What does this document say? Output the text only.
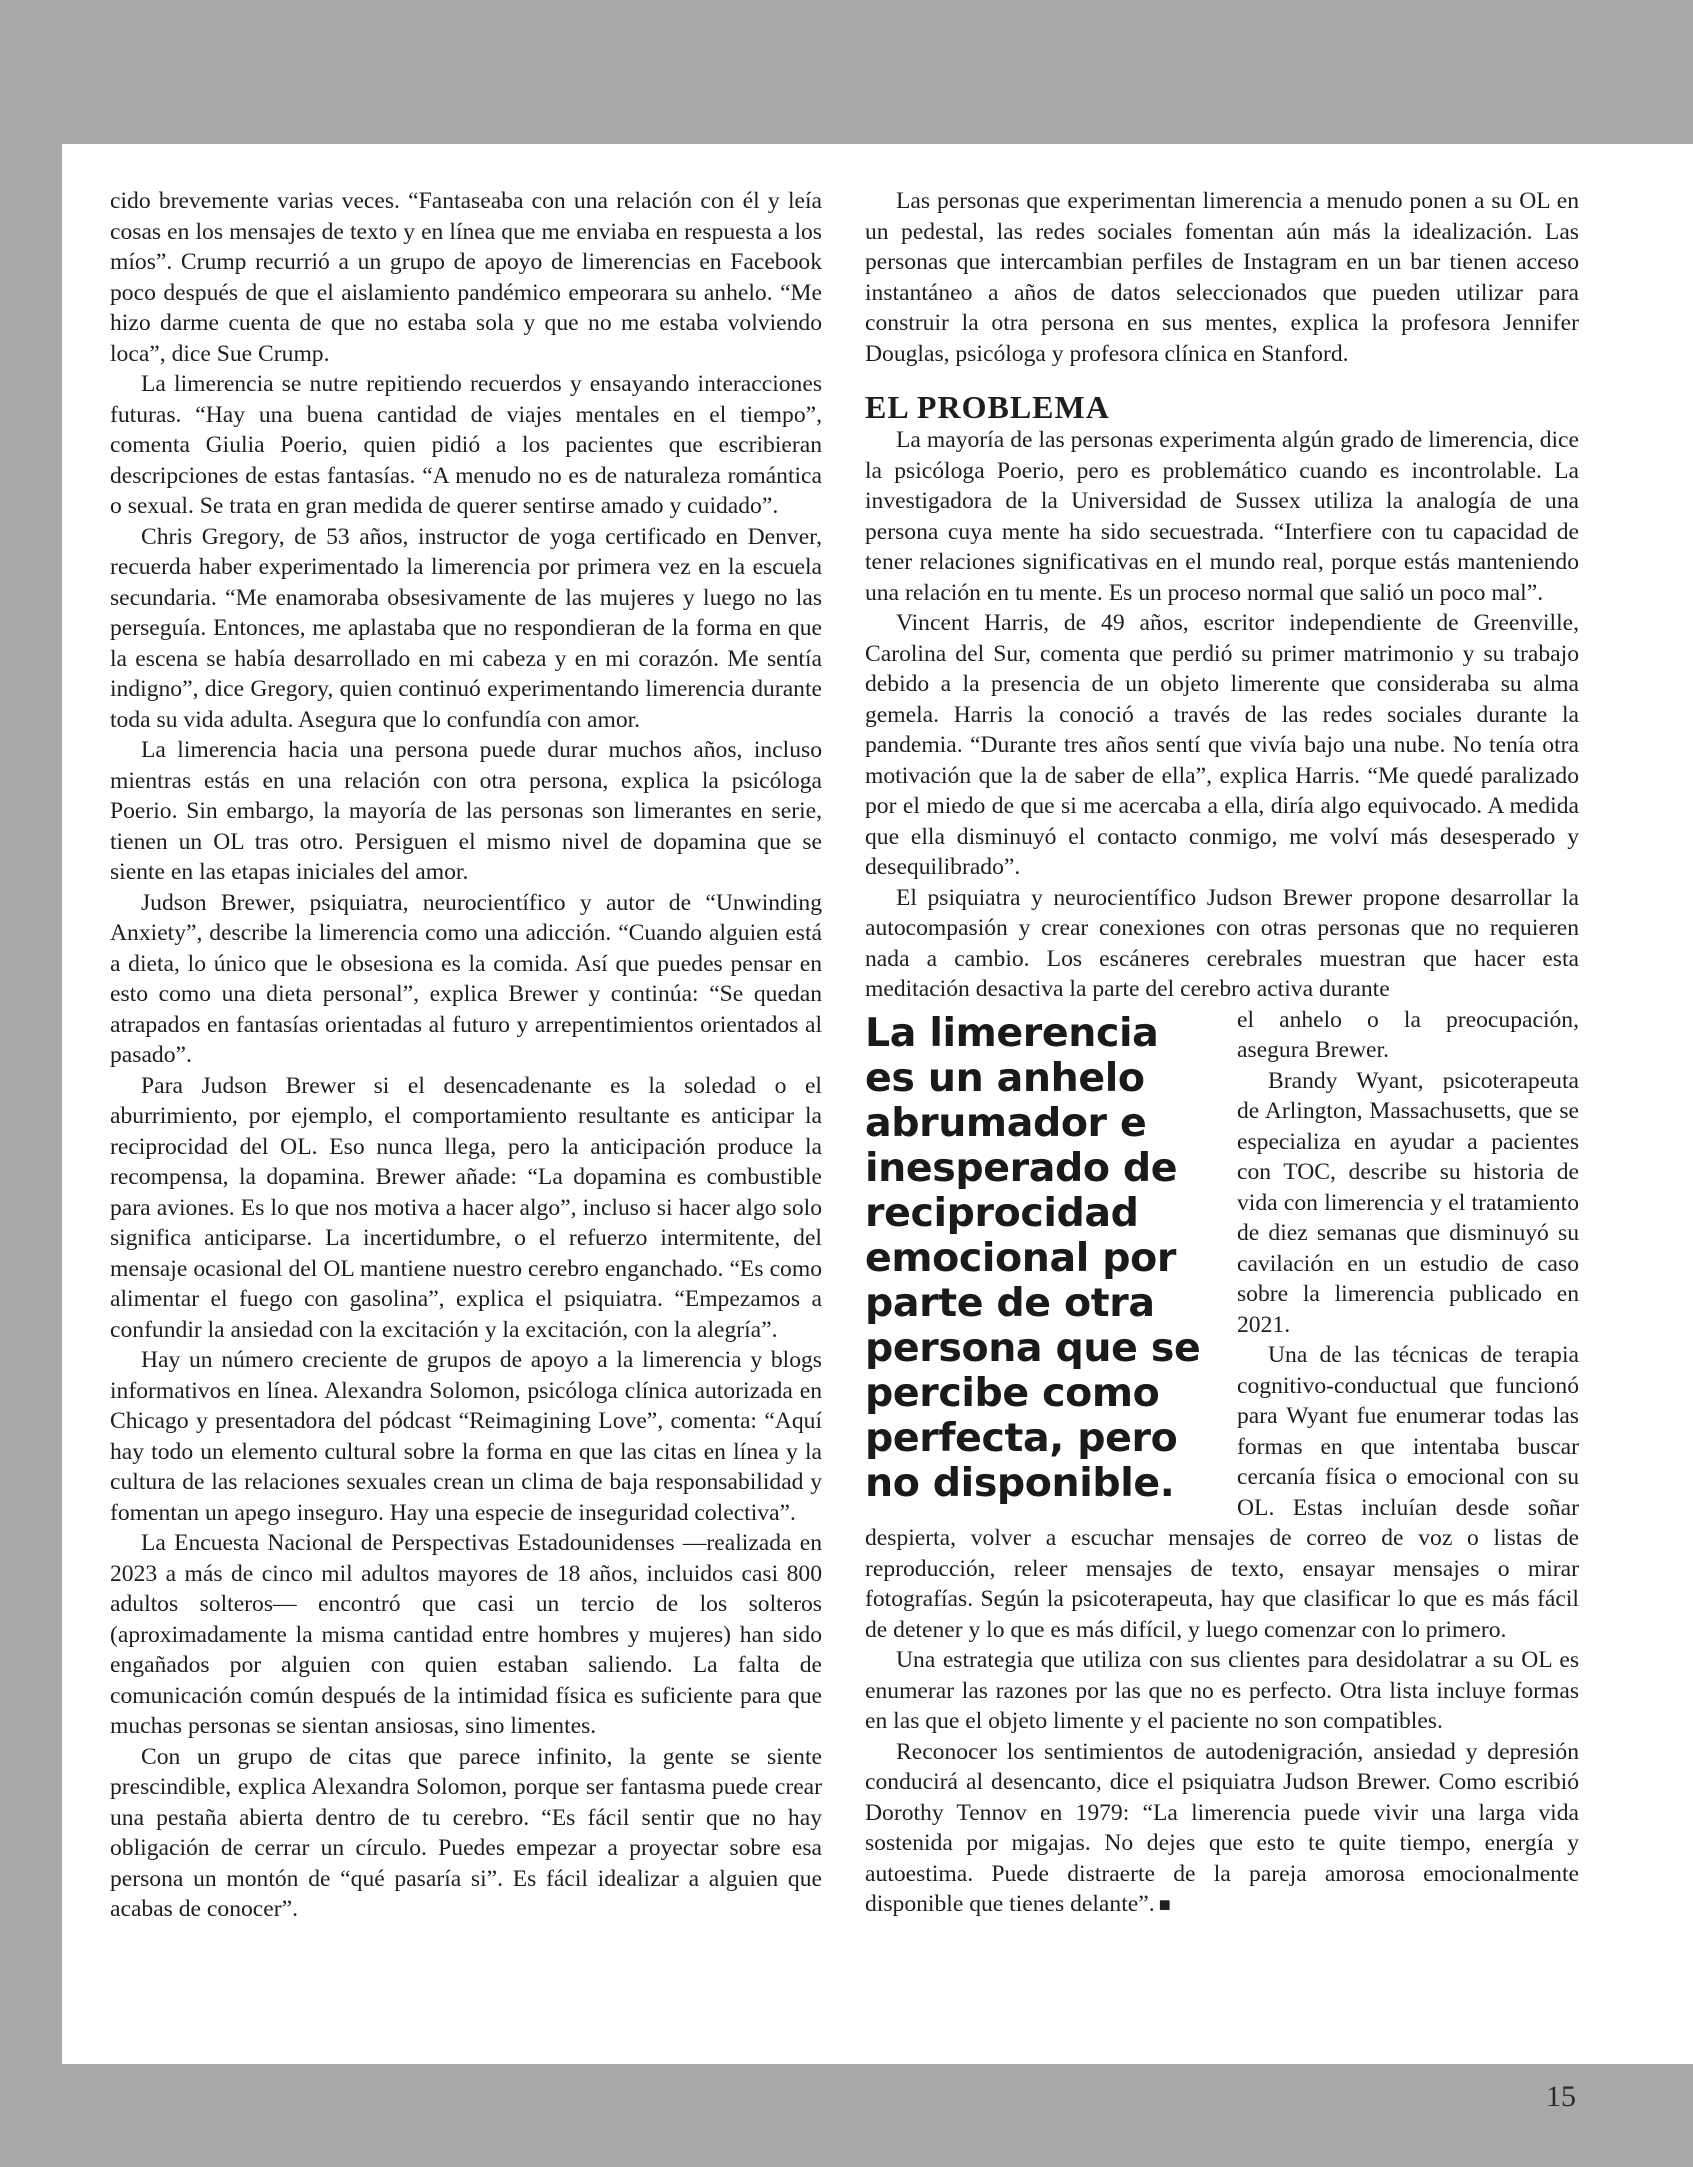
cido brevemente varias veces. “Fantaseaba con una relación con él y leía cosas en los mensajes de texto y en línea que me enviaba en respuesta a los míos”. Crump recurrió a un grupo de apoyo de limerencias en Facebook poco después de que el aislamiento pandémico empeorara su anhelo. “Me hizo darme cuenta de que no estaba sola y que no me estaba volviendo loca”, dice Sue Crump.

La limerencia se nutre repitiendo recuerdos y ensayando interacciones futuras. “Hay una buena cantidad de viajes mentales en el tiempo”, comenta Giulia Poerio, quien pidió a los pacientes que escribieran descripciones de estas fantasías. “A menudo no es de naturaleza romántica o sexual. Se trata en gran medida de querer sentirse amado y cuidado”.

Chris Gregory, de 53 años, instructor de yoga certificado en Denver, recuerda haber experimentado la limerencia por primera vez en la escuela secundaria. “Me enamoraba obsesivamente de las mujeres y luego no las perseguía. Entonces, me aplastaba que no respondieran de la forma en que la escena se había desarrollado en mi cabeza y en mi corazón. Me sentía indigno”, dice Gregory, quien continuó experimentando limerencia durante toda su vida adulta. Asegura que lo confundía con amor.

La limerencia hacia una persona puede durar muchos años, incluso mientras estás en una relación con otra persona, explica la psicóloga Poerio. Sin embargo, la mayoría de las personas son limerantes en serie, tienen un OL tras otro. Persiguen el mismo nivel de dopamina que se siente en las etapas iniciales del amor.

Judson Brewer, psiquiatra, neurocientífico y autor de “Unwinding Anxiety”, describe la limerencia como una adicción. “Cuando alguien está a dieta, lo único que le obsesiona es la comida. Así que puedes pensar en esto como una dieta personal”, explica Brewer y continúa: “Se quedan atrapados en fantasías orientadas al futuro y arrepentimientos orientados al pasado”.

Para Judson Brewer si el desencadenante es la soledad o el aburrimiento, por ejemplo, el comportamiento resultante es anticipar la reciprocidad del OL. Eso nunca llega, pero la anticipación produce la recompensa, la dopamina. Brewer añade: “La dopamina es combustible para aviones. Es lo que nos motiva a hacer algo”, incluso si hacer algo solo significa anticiparse. La incertidumbre, o el refuerzo intermitente, del mensaje ocasional del OL mantiene nuestro cerebro enganchado. “Es como alimentar el fuego con gasolina”, explica el psiquiatra. “Empezamos a confundir la ansiedad con la excitación y la excitación, con la alegría”.

Hay un número creciente de grupos de apoyo a la limerencia y blogs informativos en línea. Alexandra Solomon, psicóloga clínica autorizada en Chicago y presentadora del pódcast “Reimagining Love”, comenta: “Aquí hay todo un elemento cultural sobre la forma en que las citas en línea y la cultura de las relaciones sexuales crean un clima de baja responsabilidad y fomentan un apego inseguro. Hay una especie de inseguridad colectiva”.

La Encuesta Nacional de Perspectivas Estadounidenses —realizada en 2023 a más de cinco mil adultos mayores de 18 años, incluidos casi 800 adultos solteros— encontró que casi un tercio de los solteros (aproximadamente la misma cantidad entre hombres y mujeres) han sido engañados por alguien con quien estaban saliendo. La falta de comunicación común después de la intimidad física es suficiente para que muchas personas se sientan ansiosas, sino limentes.

Con un grupo de citas que parece infinito, la gente se siente prescindible, explica Alexandra Solomon, porque ser fantasma puede crear una pestaña abierta dentro de tu cerebro. “Es fácil sentir que no hay obligación de cerrar un círculo. Puedes empezar a proyectar sobre esa persona un montón de “qué pasaría si”. Es fácil idealizar a alguien que acabas de conocer”.

Las personas que experimentan limerencia a menudo ponen a su OL en un pedestal, las redes sociales fomentan aún más la idealización. Las personas que intercambian perfiles de Instagram en un bar tienen acceso instantáneo a años de datos seleccionados que pueden utilizar para construir la otra persona en sus mentes, explica la profesora Jennifer Douglas, psicóloga y profesora clínica en Stanford.

EL PROBLEMA

La mayoría de las personas experimenta algún grado de limerencia, dice la psicóloga Poerio, pero es problemático cuando es incontrolable. La investigadora de la Universidad de Sussex utiliza la analogía de una persona cuya mente ha sido secuestrada. “Interfiere con tu capacidad de tener relaciones significativas en el mundo real, porque estás manteniendo una relación en tu mente. Es un proceso normal que salió un poco mal”.

Vincent Harris, de 49 años, escritor independiente de Greenville, Carolina del Sur, comenta que perdió su primer matrimonio y su trabajo debido a la presencia de un objeto limerente que consideraba su alma gemela. Harris la conoció a través de las redes sociales durante la pandemia. “Durante tres años sentí que vivía bajo una nube. No tenía otra motivación que la de saber de ella”, explica Harris. “Me quedé paralizado por el miedo de que si me acercaba a ella, diría algo equivocado. A medida que ella disminuyó el contacto conmigo, me volví más desesperado y desequilibrado”.

El psiquiatra y neurocientífico Judson Brewer propone desarrollar la autocompasión y crear conexiones con otras personas que no requieren nada a cambio. Los escáneres cerebrales muestran que hacer esta meditación desactiva la parte del cerebro activa durante

La limerencia es un anhelo abrumador e inesperado de reciprocidad emocional por parte de otra persona que se percibe como perfecta, pero no disponible.

el anhelo o la preocupación, asegura Brewer.

Brandy Wyant, psicoterapeuta de Arlington, Massachusetts, que se especializa en ayudar a pacientes con TOC, describe su historia de vida con limerencia y el tratamiento de diez semanas que disminuyó su cavilación en un estudio de caso sobre la limerencia publicado en 2021.

Una de las técnicas de terapia cognitivo-conductual que funcionó para Wyant fue enumerar todas las formas en que intentaba buscar cercanía física o emocional con su OL. Estas incluían desde soñar despierta, volver a escuchar mensajes de correo de voz o listas de reproducción, releer mensajes de texto, ensayar mensajes o mirar fotografías. Según la psicoterapeuta, hay que clasificar lo que es más fácil de detener y lo que es más difícil, y luego comenzar con lo primero.

Una estrategia que utiliza con sus clientes para desidolatrar a su OL es enumerar las razones por las que no es perfecto. Otra lista incluye formas en las que el objeto limente y el paciente no son compatibles.

Reconocer los sentimientos de autodenigración, ansiedad y depresión conducirá al desencanto, dice el psiquiatra Judson Brewer. Como escribió Dorothy Tennov en 1979: “La limerencia puede vivir una larga vida sostenida por migajas. No dejes que esto te quite tiempo, energía y autoestima. Puede distraerte de la pareja amorosa emocionalmente disponible que tienes delante”. ■

15
